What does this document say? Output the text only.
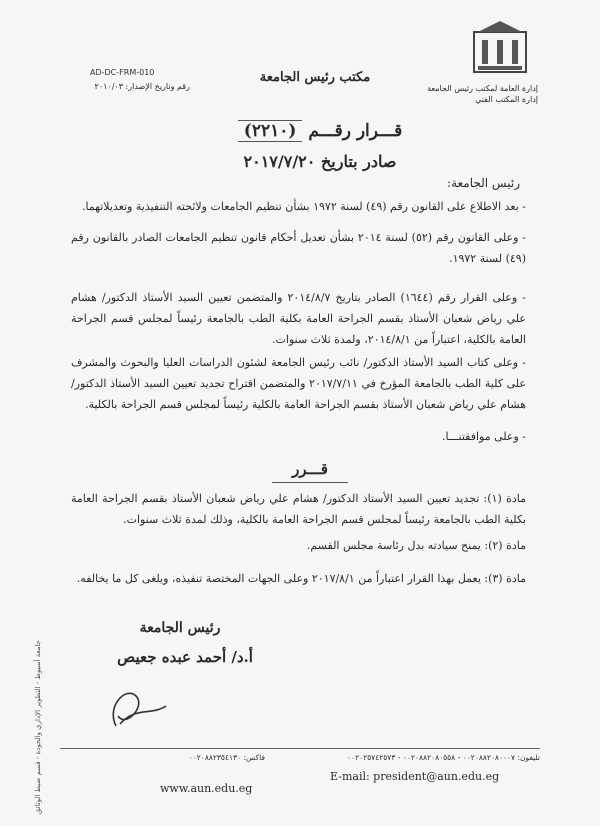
إدارة العامة لمكتب رئيس الجامعة
إدارة المكتب الفني
مكتب رئيس الجامعة
AD-DC-FRM-010
رقم وتاريخ الإصدار: ٢٠١٠/٠٣
قـــرار رقـــم (٢٢١٠)
صادر بتاريخ ٢٠١٧/٧/٢٠
رئيس الجامعة:
- بعد الاطلاع على القانون رقم (٤٩) لسنة ١٩٧٢ بشأن تنظيم الجامعات ولائحته التنفيذية وتعديلاتهما.
- وعلى القانون رقم (٥٢) لسنة ٢٠١٤ بشأن تعديل أحكام قانون تنظيم الجامعات الصادر بالقانون رقم (٤٩) لسنة ١٩٧٢.
- وعلى القرار رقم (١٦٤٤) الصادر بتاريخ ٢٠١٤/٨/٧ والمتضمن تعيين السيد الأستاذ الدكتور/ هشام علي رياض شعبان الأستاذ بقسم الجراحة العامة بكلية الطب بالجامعة رئيساً لمجلس قسم الجراحة العامة بالكلية، اعتباراً من ٢٠١٤/٨/١، ولمدة ثلاث سنوات.
- وعلى كتاب السيد الأستاذ الدكتور/ نائب رئيس الجامعة لشئون الدراسات العليا والبحوث والمشرف على كلية الطب بالجامعة المؤرخ في ٢٠١٧/٧/١١ والمتضمن اقتراح تجديد تعيين السيد الأستاذ الدكتور/ هشام علي رياض شعبان الأستاذ بقسم الجراحة العامة بالكلية رئيساً لمجلس قسم الجراحة بالكلية.
- وعلى موافقتنـــا.
قـــرر
مادة (١): تجديد تعيين السيد الأستاذ الدكتور/ هشام علي رياض شعبان الأستاذ بقسم الجراحة العامة بكلية الطب بالجامعة رئيساً لمجلس قسم الجراحة العامة بالكلية، وذلك لمدة ثلاث سنوات.
مادة (٢): يمنح سيادته بدل رئاسة مجلس القسم.
مادة (٣): يعمل بهذا القرار اعتباراً من ٢٠١٧/٨/١ وعلى الجهات المختصة تنفيذه، ويلغى كل ما يخالفه.
رئيس الجامعة
أ.د/ أحمد عبده جعيص
جامعة أسيوط - التطوير الإداري والجودة - قسم ضبط الوثائق	تليفون: ٠٠٢٠٨٨٢٠٨٠٠٠٧ - ٠٠٢٠٨٨٢٠٨٠٥٥٨ - ٠٠٢٠٢٥٧٤٢٥٧٣
فاكس: ٠٠٢٠٨٨٢٣٥٤١٣٠
E-mail: president@aun.edu.eg
www.aun.edu.eg
